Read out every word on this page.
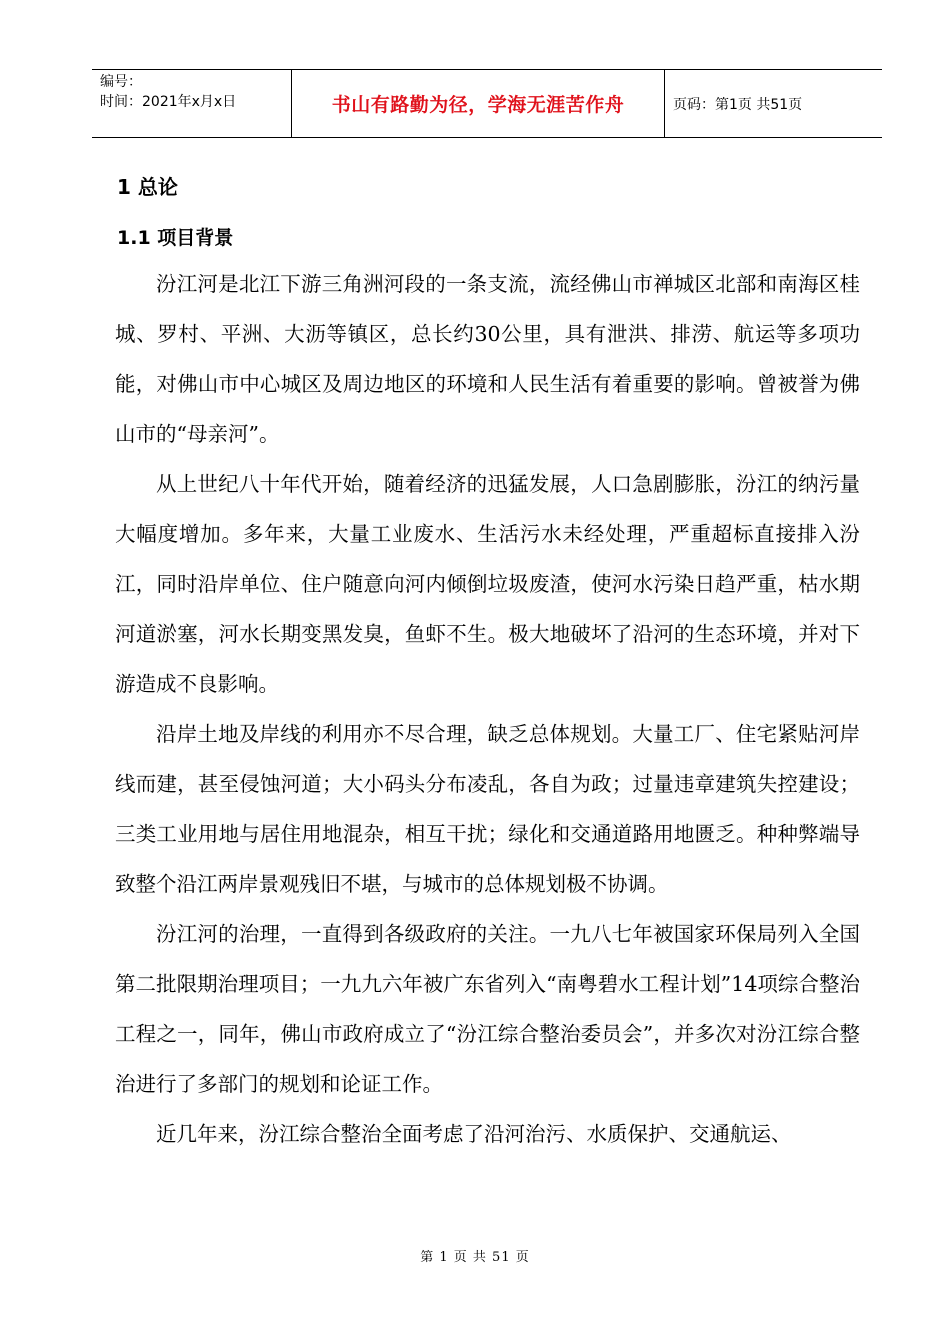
编号：
时间：2021年x月x日	书山有路勤为径，学海无涯苦作舟	页码：第1页 共51页
1 总论
1.1 项目背景

汾江河是北江下游三角洲河段的一条支流，流经佛山市禅城区北部和南海区桂城、罗村、平洲、大沥等镇区，总长约30公里，具有泄洪、排涝、航运等多项功能，对佛山市中心城区及周边地区的环境和人民生活有着重要的影响。曾被誉为佛山市的“母亲河”。

从上世纪八十年代开始，随着经济的迅猛发展，人口急剧膨胀，汾江的纳污量大幅度增加。多年来，大量工业废水、生活污水未经处理，严重超标直接排入汾江，同时沿岸单位、住户随意向河内倾倒垃圾废渣，使河水污染日趋严重，枯水期河道淤塞，河水长期变黑发臭，鱼虾不生。极大地破坏了沿河的生态环境，并对下游造成不良影响。

沿岸土地及岸线的利用亦不尽合理，缺乏总体规划。大量工厂、住宅紧贴河岸线而建，甚至侵蚀河道；大小码头分布凌乱，各自为政；过量违章建筑失控建设；三类工业用地与居住用地混杂，相互干扰；绿化和交通道路用地匮乏。种种弊端导致整个沿江两岸景观残旧不堪，与城市的总体规划极不协调。

汾江河的治理，一直得到各级政府的关注。一九八七年被国家环保局列入全国第二批限期治理项目；一九九六年被广东省列入“南粤碧水工程计划”14项综合整治工程之一，同年，佛山市政府成立了“汾江综合整治委员会”，并多次对汾江综合整治进行了多部门的规划和论证工作。

近几年来，汾江综合整治全面考虑了沿河治污、水质保护、交通航运、

第 1 页 共 51 页
